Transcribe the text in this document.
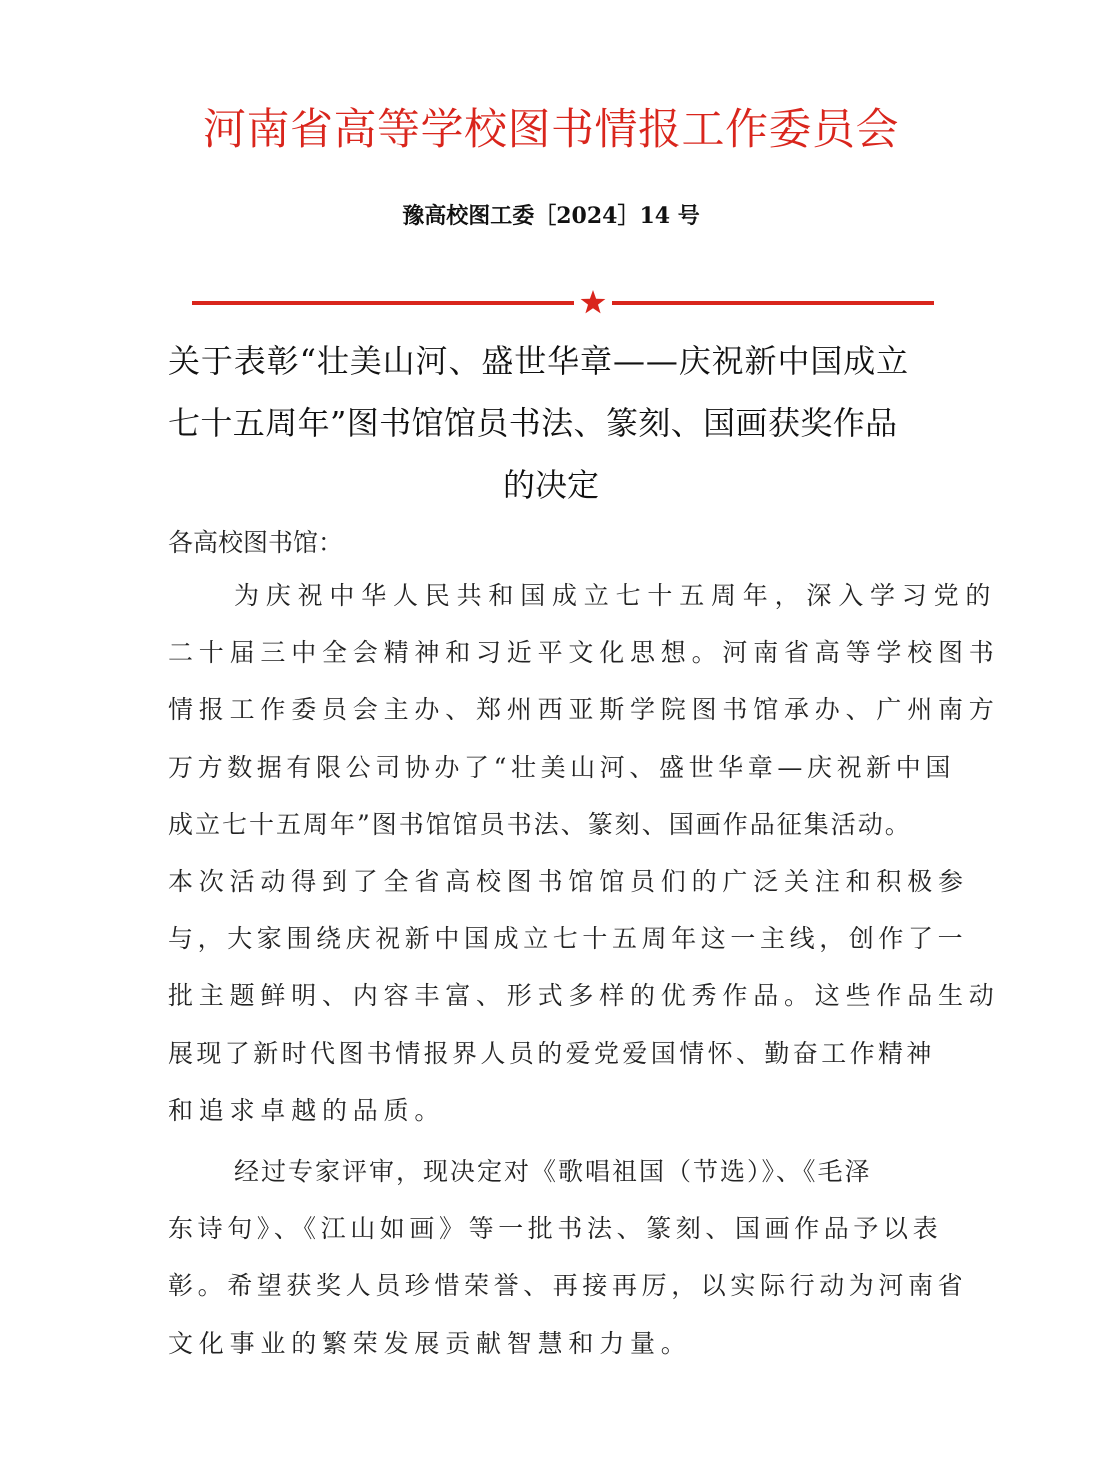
河南省高等学校图书情报工作委员会
豫高校图工委［2024］14 号
关于表彰“壮美山河、盛世华章——庆祝新中国成立
七十五周年”图书馆馆员书法、篆刻、国画获奖作品
的决定
各高校图书馆：
为庆祝中华人民共和国成立七十五周年，深入学习党的
二十届三中全会精神和习近平文化思想。河南省高等学校图书
情报工作委员会主办、郑州西亚斯学院图书馆承办、广州南方
万方数据有限公司协办了“壮美山河、盛世华章—庆祝新中国
成立七十五周年”图书馆馆员书法、篆刻、国画作品征集活动。
本次活动得到了全省高校图书馆馆员们的广泛关注和积极参
与，大家围绕庆祝新中国成立七十五周年这一主线，创作了一
批主题鲜明、内容丰富、形式多样的优秀作品。这些作品生动
展现了新时代图书情报界人员的爱党爱国情怀、勤奋工作精神
和追求卓越的品质。
经过专家评审，现决定对《歌唱祖国（节选）》、《毛泽
东诗句》、《江山如画》等一批书法、篆刻、国画作品予以表
彰。希望获奖人员珍惜荣誉、再接再厉，以实际行动为河南省
文化事业的繁荣发展贡献智慧和力量。
